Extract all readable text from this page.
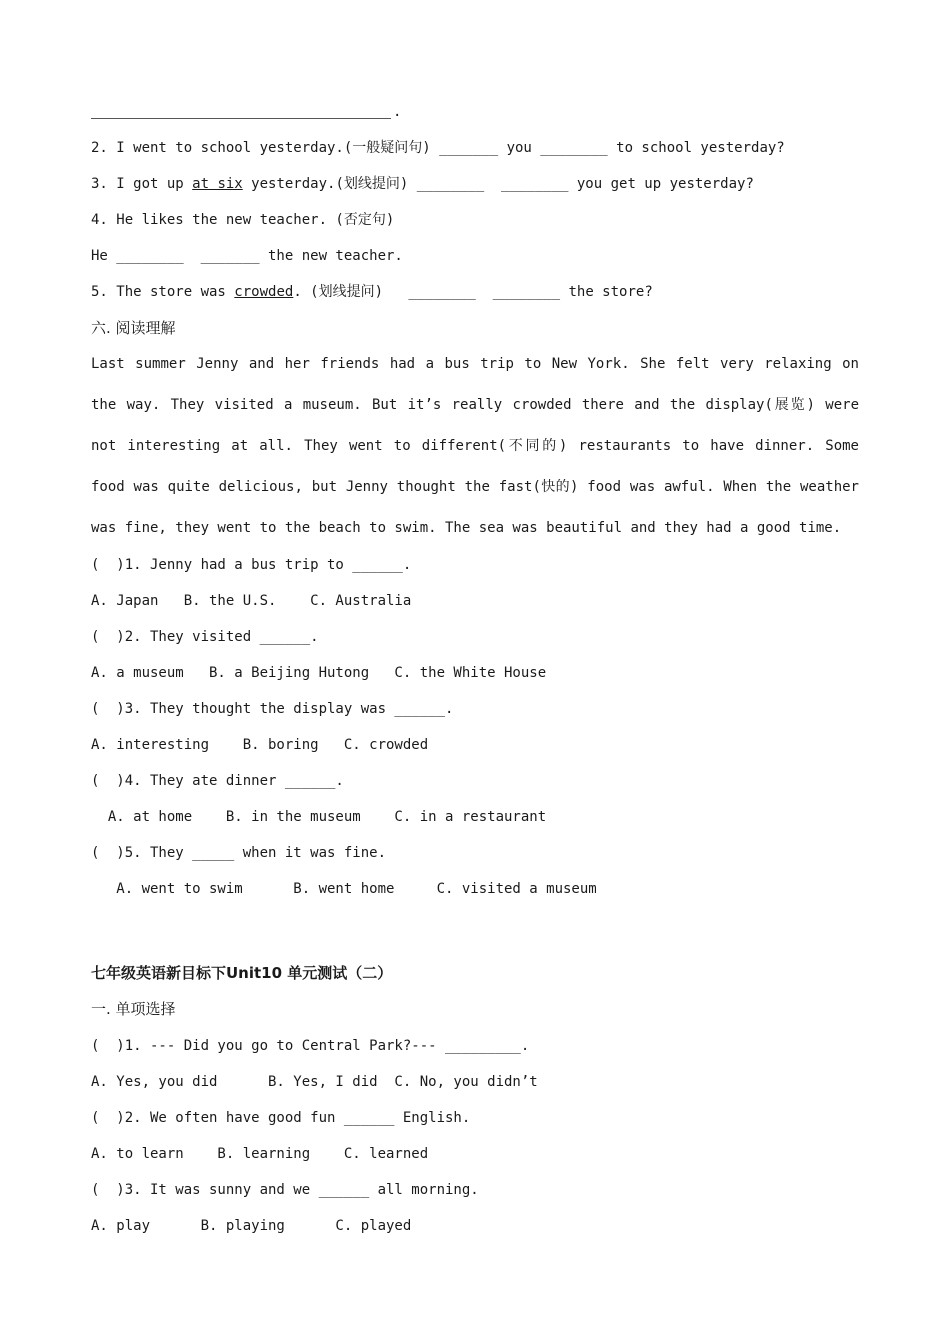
.
2. I went to school yesterday.(一般疑问句) _______ you ________ to school yesterday?
3. I got up at six yesterday.(划线提问) ________  ________ you get up yesterday?
4. He likes the new teacher. (否定句)
He ________  _______ the new teacher.
5. The store was crowded. (划线提问)   ________  ________ the store?
六. 阅读理解
Last summer Jenny and her friends had a bus trip to New York. She felt very relaxing on
the way. They visited a museum. But it’s really crowded there and the display(展览) were
not interesting at all. They went to different(不同的) restaurants to have dinner. Some
food was quite delicious, but Jenny thought the fast(快的) food was awful. When the weather
was fine, they went to the beach to swim. The sea was beautiful and they had a good time.
(  )1. Jenny had a bus trip to ______.
A. Japan   B. the U.S.    C. Australia
(  )2. They visited ______.
A. a museum   B. a Beijing Hutong   C. the White House
(  )3. They thought the display was ______.
A. interesting    B. boring   C. crowded
(  )4. They ate dinner ______.
A. at home    B. in the museum    C. in a restaurant
(  )5. They _____ when it was fine.
A. went to swim      B. went home     C. visited a museum
七年级英语新目标下Unit10 单元测试（二）
一. 单项选择
(  )1. --- Did you go to Central Park?--- _________.
A. Yes, you did      B. Yes, I did  C. No, you didn’t
(  )2. We often have good fun ______ English.
A. to learn    B. learning    C. learned
(  )3. It was sunny and we ______ all morning.
A. play      B. playing      C. played
